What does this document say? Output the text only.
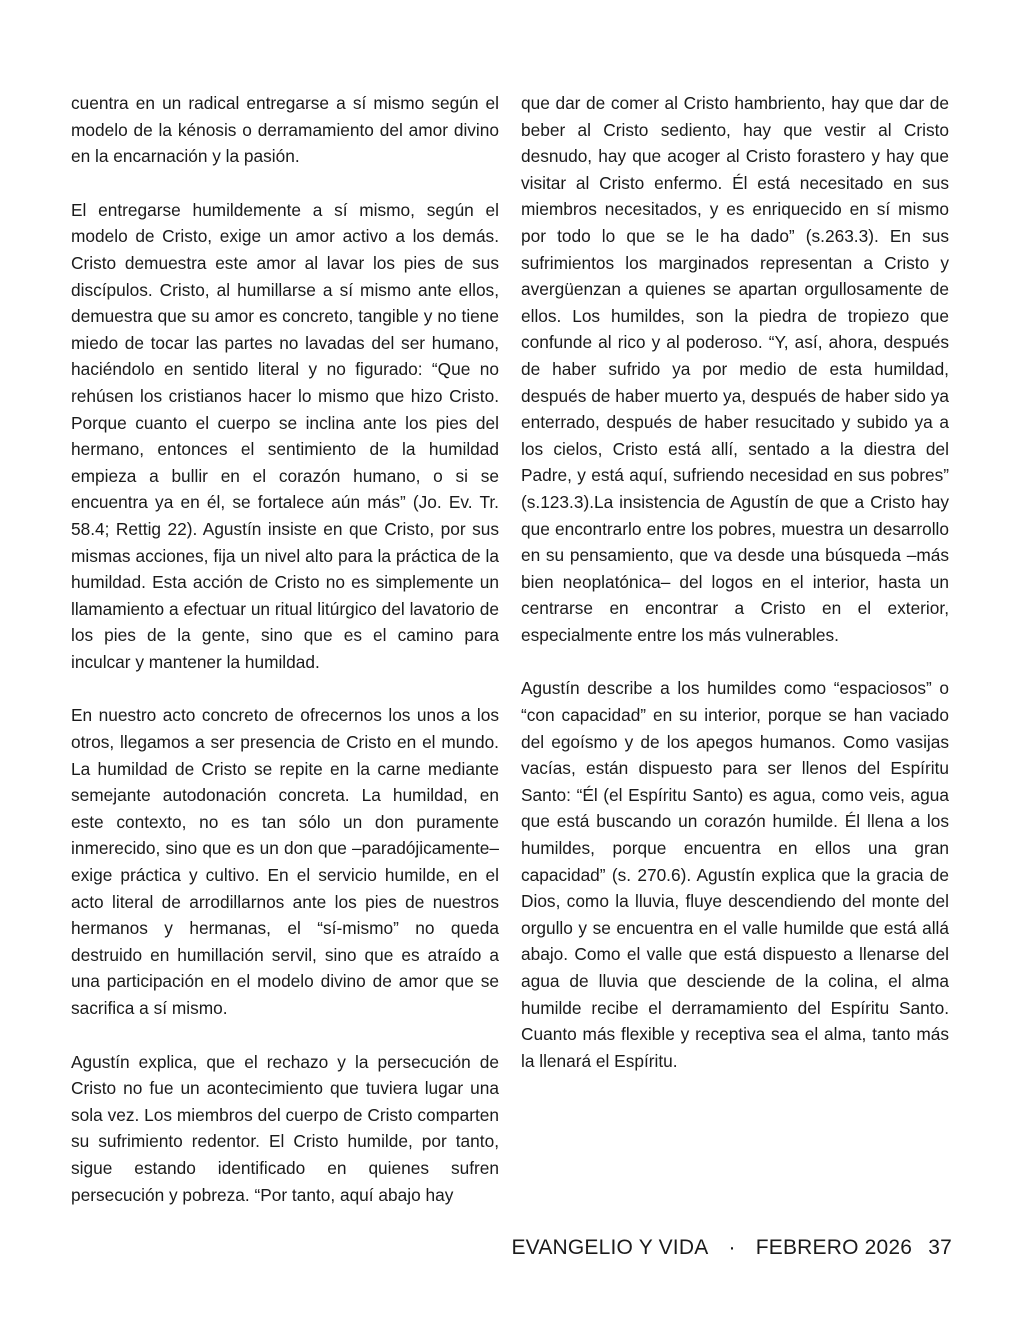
cuentra en un radical entregarse a sí mismo según el modelo de la kénosis o derramamiento del amor divino en la encarnación y la pasión.

El entregarse humildemente a sí mismo, según el modelo de Cristo, exige un amor activo a los demás. Cristo demuestra este amor al lavar los pies de sus discípulos. Cristo, al humillarse a sí mismo ante ellos, demuestra que su amor es concreto, tangible y no tiene miedo de tocar las partes no lavadas del ser humano, haciéndolo en sentido literal y no figurado: “Que no rehúsen los cristianos hacer lo mismo que hizo Cristo. Porque cuanto el cuerpo se inclina ante los pies del hermano, entonces el sentimiento de la humildad empieza a bullir en el corazón humano, o si se encuentra ya en él, se fortalece aún más” (Jo. Ev. Tr. 58.4; Rettig 22). Agustín insiste en que Cristo, por sus mismas acciones, fija un nivel alto para la práctica de la humildad. Esta acción de Cristo no es simplemente un llamamiento a efectuar un ritual litúrgico del lavatorio de los pies de la gente, sino que es el camino para inculcar y mantener la humildad.

En nuestro acto concreto de ofrecernos los unos a los otros, llegamos a ser presencia de Cristo en el mundo. La humildad de Cristo se repite en la carne mediante semejante autodonación concreta. La humildad, en este contexto, no es tan sólo un don puramente inmerecido, sino que es un don que –paradójicamente– exige práctica y cultivo. En el servicio humilde, en el acto literal de arrodillarnos ante los pies de nuestros hermanos y hermanas, el “sí-mismo” no queda destruido en humillación servil, sino que es atraído a una participación en el modelo divino de amor que se sacrifica a sí mismo.

Agustín explica, que el rechazo y la persecución de Cristo no fue un acontecimiento que tuviera lugar una sola vez. Los miembros del cuerpo de Cristo comparten su sufrimiento redentor. El Cristo humilde, por tanto, sigue estando identificado en quienes sufren persecución y pobreza. “Por tanto, aquí abajo hay

que dar de comer al Cristo hambriento, hay que dar de beber al Cristo sediento, hay que vestir al Cristo desnudo, hay que acoger al Cristo forastero y hay que visitar al Cristo enfermo. Él está necesitado en sus miembros necesitados, y es enriquecido en sí mismo por todo lo que se le ha dado” (s.263.3). En sus sufrimientos los marginados representan a Cristo y avergüenzan a quienes se apartan orgullosamente de ellos. Los humildes, son la piedra de tropiezo que confunde al rico y al poderoso. “Y, así, ahora, después de haber sufrido ya por medio de esta humildad, después de haber muerto ya, después de haber sido ya enterrado, después de haber resucitado y subido ya a los cielos, Cristo está allí, sentado a la diestra del Padre, y está aquí, sufriendo necesidad en sus pobres” (s.123.3).La insistencia de Agustín de que a Cristo hay que encontrarlo entre los pobres, muestra un desarrollo en su pensamiento, que va desde una búsqueda –más bien neoplatónica– del logos en el interior, hasta un centrarse en encontrar a Cristo en el exterior, especialmente entre los más vulnerables.

Agustín describe a los humildes como “espaciosos” o “con capacidad” en su interior, porque se han vaciado del egoísmo y de los apegos humanos. Como vasijas vacías, están dispuesto para ser llenos del Espíritu Santo: “Él (el Espíritu Santo) es agua, como veis, agua que está buscando un corazón humilde. Él llena a los humildes, porque encuentra en ellos una gran capacidad” (s. 270.6). Agustín explica que la gracia de Dios, como la lluvia, fluye descendiendo del monte del orgullo y se encuentra en el valle humilde que está allá abajo. Como el valle que está dispuesto a llenarse del agua de lluvia que desciende de la colina, el alma humilde recibe el derramamiento del Espíritu Santo. Cuanto más flexible y receptiva sea el alma, tanto más la llenará el Espíritu.

EVANGELIO Y VIDA · FEBRERO 2026 37
